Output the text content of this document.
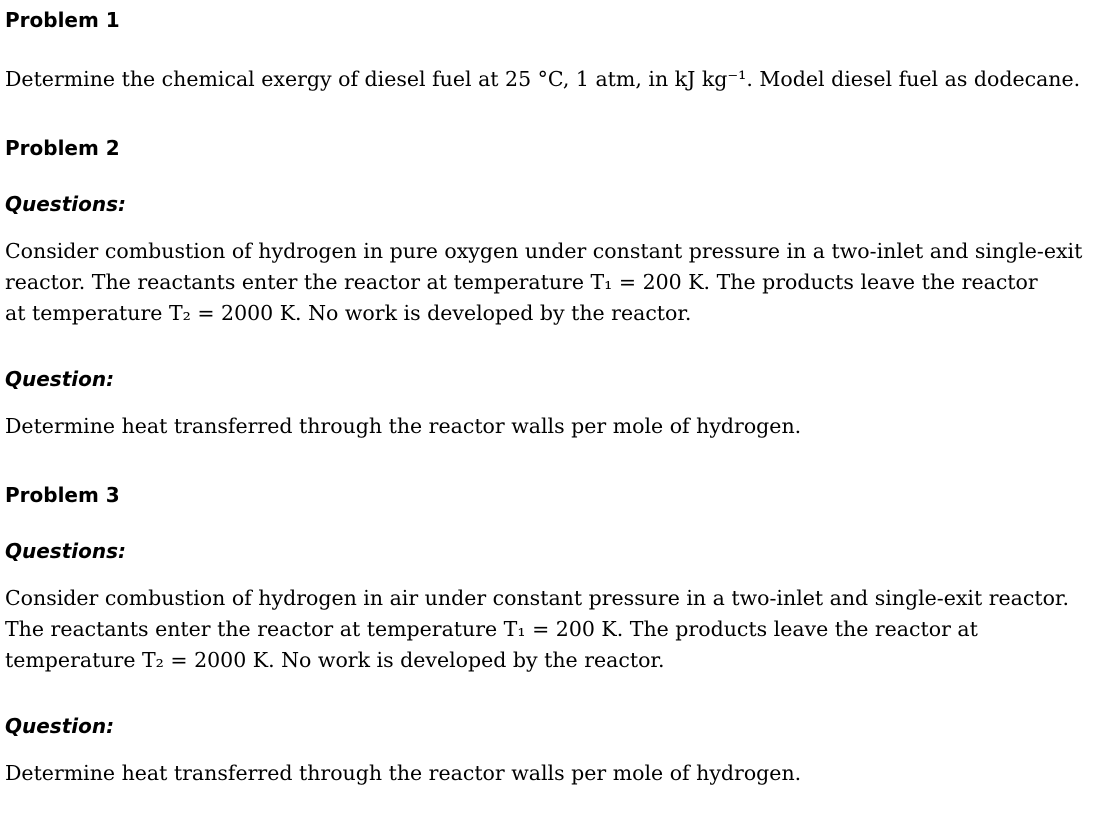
Problem 1
Determine the chemical exergy of diesel fuel at 25 °C, 1 atm, in kJ kg⁻¹. Model diesel fuel as dodecane.
Problem 2
Questions:
Consider combustion of hydrogen in pure oxygen under constant pressure in a two-inlet and single-exit
reactor. The reactants enter the reactor at temperature T₁ = 200 K. The products leave the reactor
at temperature T₂ = 2000 K. No work is developed by the reactor.
Question:
Determine heat transferred through the reactor walls per mole of hydrogen.
Problem 3
Questions:
Consider combustion of hydrogen in air under constant pressure in a two-inlet and single-exit reactor.
The reactants enter the reactor at temperature T₁ = 200 K. The products leave the reactor at
temperature T₂ = 2000 K. No work is developed by the reactor.
Question:
Determine heat transferred through the reactor walls per mole of hydrogen.
